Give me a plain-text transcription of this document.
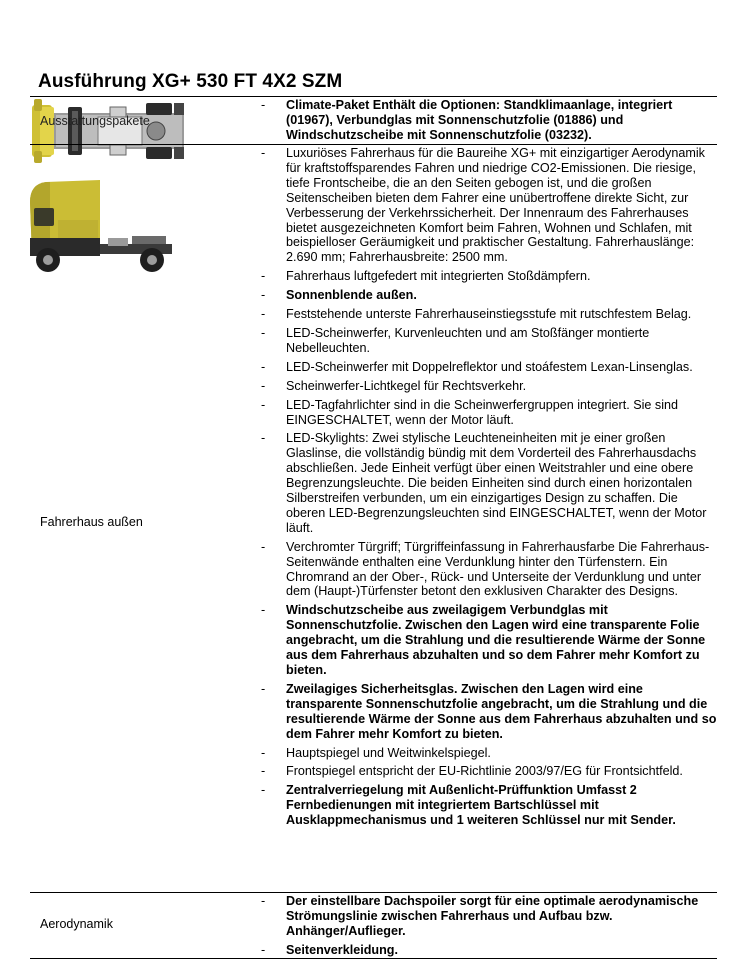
Ausführung XG+ 530 FT 4X2 SZM
Ausstattungspakete
- Climate-Paket Enthält die Optionen: Standklimaanlage, integriert (01967), Verbundglas mit Sonnenschutzfolie (01886) und Windschutzscheibe mit Sonnenschutzfolie (03232).
Fahrerhaus außen
- Luxuriöses Fahrerhaus für die Baureihe XG+ mit einzigartiger Aerodynamik für kraftstoffsparendes Fahren und niedrige CO2-Emissionen. Die riesige, tiefe Frontscheibe, die an den Seiten gebogen ist, und die großen Seitenscheiben bieten dem Fahrer eine unübertroffene direkte Sicht, zur Verbesserung der Verkehrssicherheit. Der Innenraum des Fahrerhauses bietet ausgezeichneten Komfort beim Fahren, Wohnen und Schlafen, mit beispielloser Geräumigkeit und praktischer Gestaltung. Fahrerhauslänge: 2.690 mm; Fahrerhausbreite: 2500 mm.
- Fahrerhaus luftgefedert mit integrierten Stoßdämpfern.
- Sonnenblende außen.
- Feststehende unterste Fahrerhauseinstiegsstufe mit rutschfestem Belag.
- LED-Scheinwerfer, Kurvenleuchten und am Stoßfänger montierte Nebelleuchten.
- LED-Scheinwerfer mit Doppelreflektor und stoáfestem Lexan-Linsenglas.
- Scheinwerfer-Lichtkegel für Rechtsverkehr.
- LED-Tagfahrlichter sind in die Scheinwerfergruppen integriert. Sie sind EINGESCHALTET, wenn der Motor läuft.
- LED-Skylights: Zwei stylische Leuchteneinheiten mit je einer großen Glaslinse, die vollständig bündig mit dem Vorderteil des Fahrerhausdachs abschließen. Jede Einheit verfügt über einen Weitstrahler und eine obere Begrenzungsleuchte. Die beiden Einheiten sind durch einen horizontalen Silberstreifen verbunden, um ein einzigartiges Design zu schaffen. Die oberen LED-Begrenzungsleuchten sind EINGESCHALTET, wenn der Motor läuft.
- Verchromter Türgriff; Türgriffeinfassung in Fahrerhausfarbe Die Fahrerhaus-Seitenwände enthalten eine Verdunklung hinter den Türfenstern. Ein Chromrand an der Ober-, Rück- und Unterseite der Verdunklung und unter dem (Haupt-)Türfenster betont den exklusiven Charakter des Designs.
- Windschutzscheibe aus zweilagigem Verbundglas mit Sonnenschutzfolie. Zwischen den Lagen wird eine transparente Folie angebracht, um die Strahlung und die resultierende Wärme der Sonne aus dem Fahrerhaus abzuhalten und so dem Fahrer mehr Komfort zu bieten.
- Zweilagiges Sicherheitsglas. Zwischen den Lagen wird eine transparente Sonnenschutzfolie angebracht, um die Strahlung und die resultierende Wärme der Sonne aus dem Fahrerhaus abzuhalten und so dem Fahrer mehr Komfort zu bieten.
- Hauptspiegel und Weitwinkelspiegel.
- Frontspiegel entspricht der EU-Richtlinie 2003/97/EG für Frontsichtfeld.
- Zentralverriegelung mit Außenlicht-Prüffunktion Umfasst 2 Fernbedienungen mit integriertem Bartschlüssel mit Ausklappmechanismus und 1 weiteren Schlüssel nur mit Sender.
Aerodynamik
- Der einstellbare Dachspoiler sorgt für eine optimale aerodynamische Strömungslinie zwischen Fahrerhaus und Aufbau bzw. Anhänger/Auflieger.
- Seitenverkleidung.
